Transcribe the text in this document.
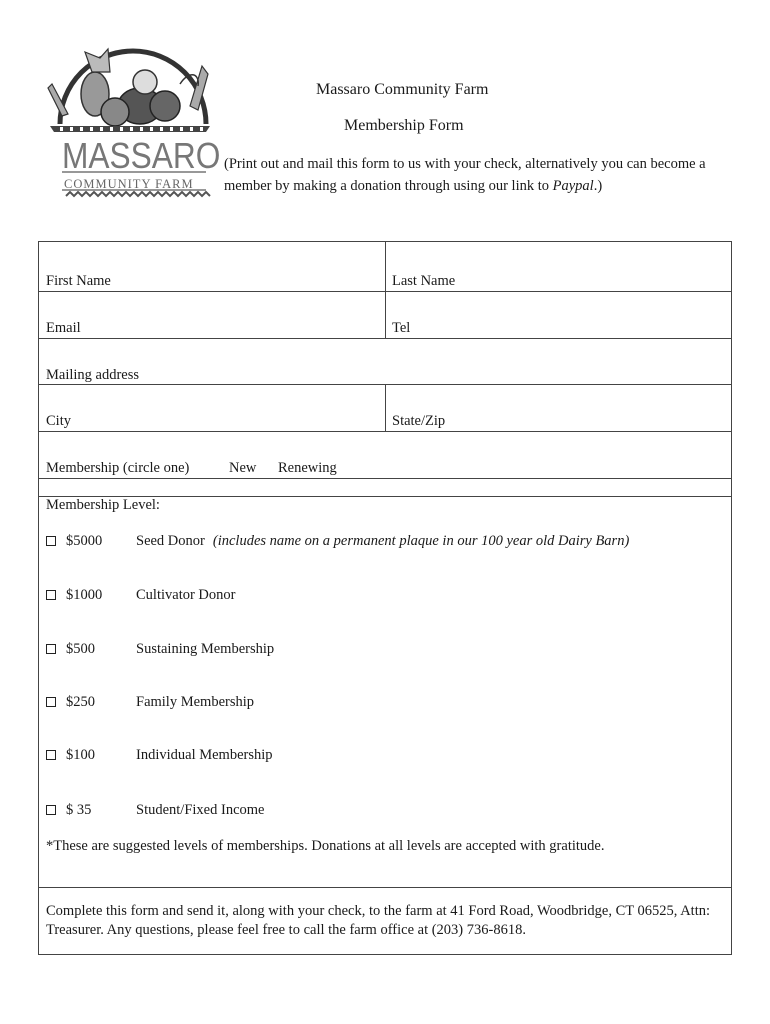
MASSARO
COMMUNITY FARM
Massaro Community Farm
Membership Form
(Print out and mail this form to us with your check, alternatively you can become a member by making a donation through using our link to Paypal.)
First Name	Last Name
Email	Tel
Mailing address
City	State/Zip
Membership (circle one)	New Renewing
Membership Level:
$5000 Seed Donor (includes name on a permanent plaque in our 100 year old Dairy Barn)
$1000 Cultivator Donor
$500	Sustaining Membership
$250	Family Membership
$100	Individual Membership
$ 35	Student/Fixed Income
*These are suggested levels of memberships. Donations at all levels are accepted with gratitude.
Complete this form and send it, along with your check, to the farm at 41 Ford Road, Woodbridge, CT 06525, Attn: Treasurer. Any questions, please feel free to call the farm office at (203) 736-8618.
